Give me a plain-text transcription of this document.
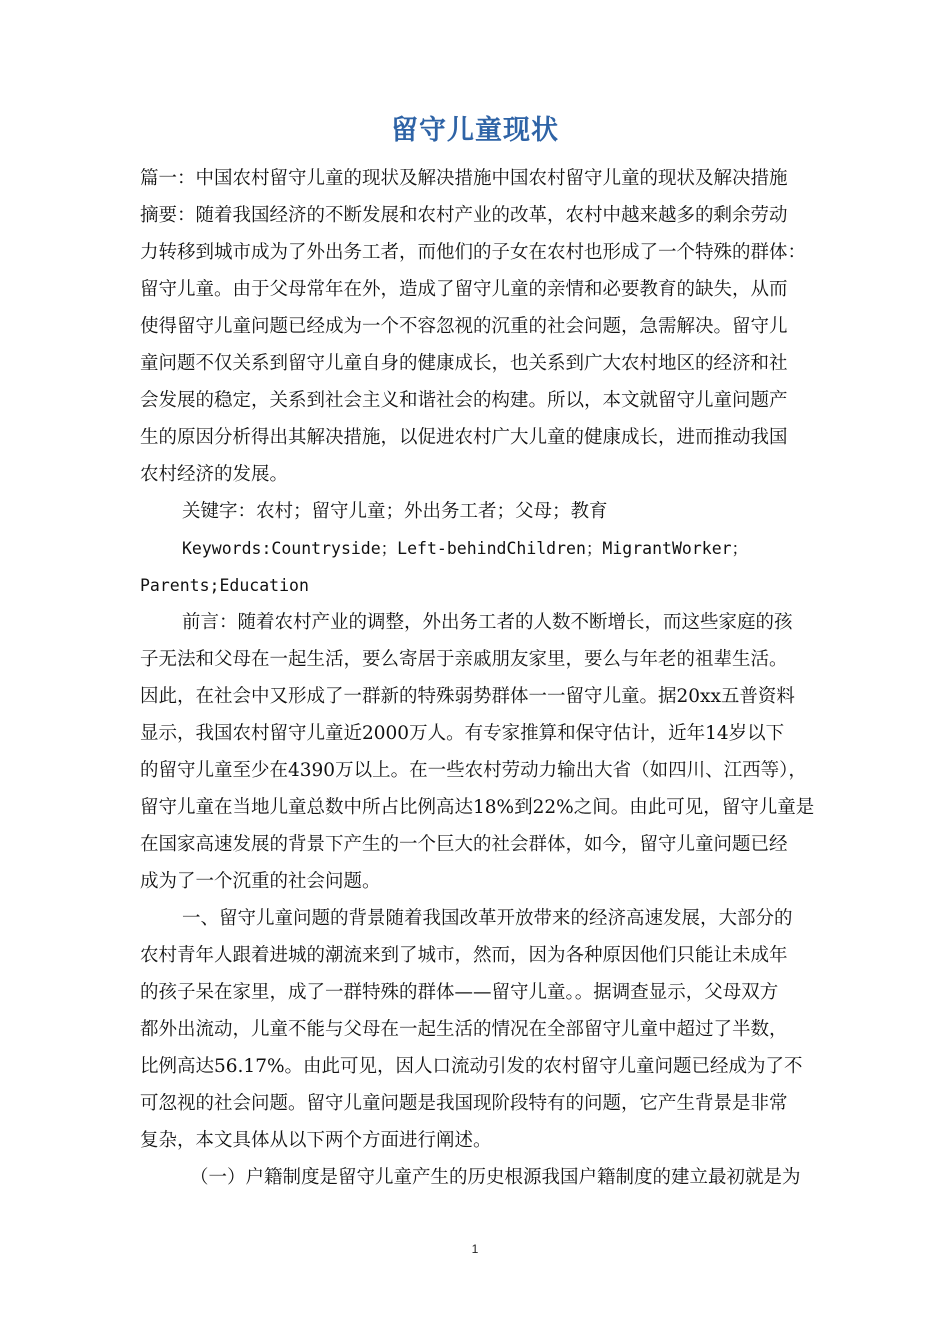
留守儿童现状
篇一：中国农村留守儿童的现状及解决措施中国农村留守儿童的现状及解决措施
摘要：随着我国经济的不断发展和农村产业的改革，农村中越来越多的剩余劳动
力转移到城市成为了外出务工者，而他们的子女在农村也形成了一个特殊的群体：
留守儿童。由于父母常年在外，造成了留守儿童的亲情和必要教育的缺失，从而
使得留守儿童问题已经成为一个不容忽视的沉重的社会问题，急需解决。留守儿
童问题不仅关系到留守儿童自身的健康成长，也关系到广大农村地区的经济和社
会发展的稳定，关系到社会主义和谐社会的构建。所以，本文就留守儿童问题产
生的原因分析得出其解决措施，以促进农村广大儿童的健康成长，进而推动我国
农村经济的发展。
关键字：农村；留守儿童；外出务工者；父母；教育
Keywords:Countryside；Left-behindChildren；MigrantWorker；
Parents;Education
前言：随着农村产业的调整，外出务工者的人数不断增长，而这些家庭的孩
子无法和父母在一起生活，要么寄居于亲戚朋友家里，要么与年老的祖辈生活。
因此，在社会中又形成了一群新的特殊弱势群体一一留守儿童。据20xx五普资料
显示，我国农村留守儿童近2000万人。有专家推算和保守估计，近年14岁以下
的留守儿童至少在4390万以上。在一些农村劳动力输出大省（如四川、江西等），
留守儿童在当地儿童总数中所占比例高达18%到22%之间。由此可见，留守儿童是
在国家高速发展的背景下产生的一个巨大的社会群体，如今，留守儿童问题已经
成为了一个沉重的社会问题。
一、留守儿童问题的背景随着我国改革开放带来的经济高速发展，大部分的
农村青年人跟着进城的潮流来到了城市，然而，因为各种原因他们只能让未成年
的孩子呆在家里，成了一群特殊的群体——留守儿童。。据调查显示，父母双方
都外出流动，儿童不能与父母在一起生活的情况在全部留守儿童中超过了半数，
比例高达56.17%。由此可见，因人口流动引发的农村留守儿童问题已经成为了不
可忽视的社会问题。留守儿童问题是我国现阶段特有的问题，它产生背景是非常
复杂，本文具体从以下两个方面进行阐述。
（一）户籍制度是留守儿童产生的历史根源我国户籍制度的建立最初就是为
1
